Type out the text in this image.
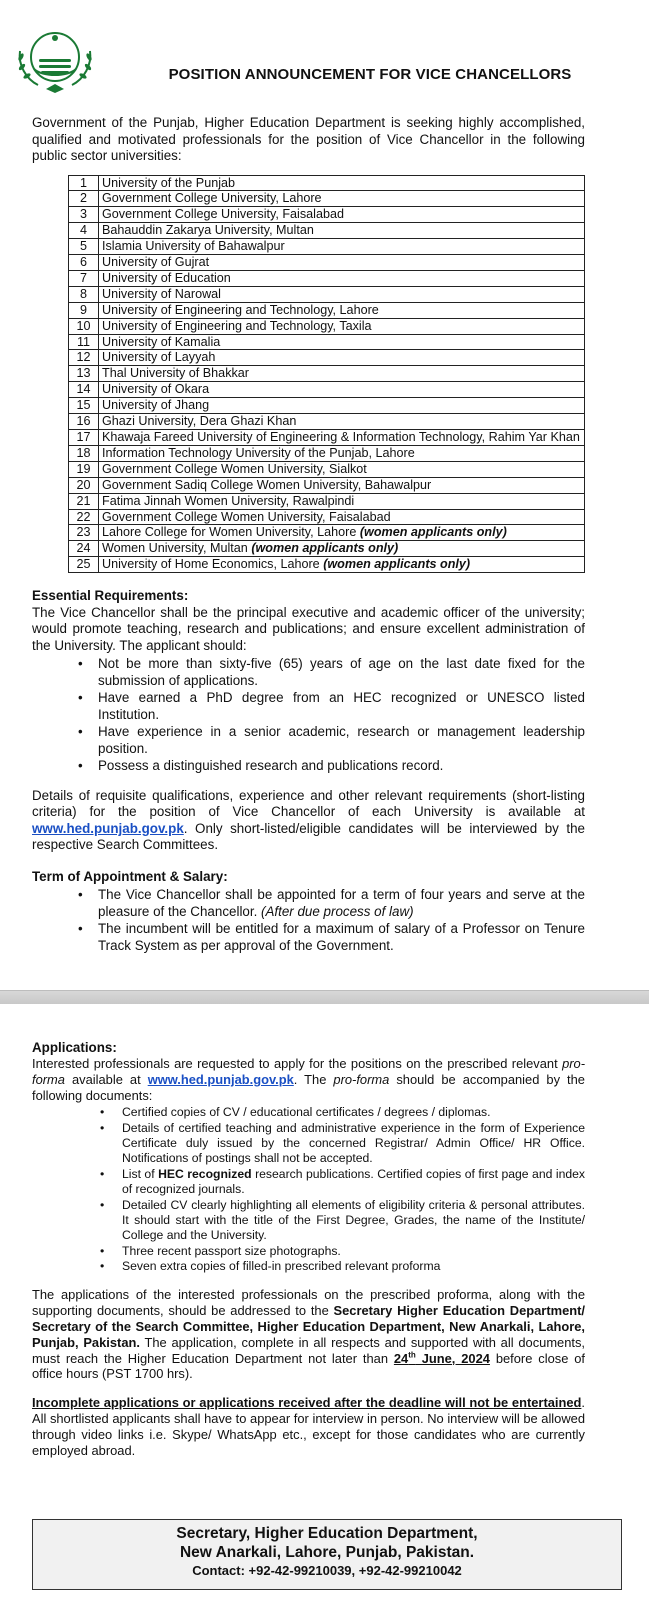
POSITION ANNOUNCEMENT FOR VICE CHANCELLORS

Government of the Punjab, Higher Education Department is seeking highly accomplished, qualified and motivated professionals for the position of Vice Chancellor in the following public sector universities:

1	University of the Punjab
2	Government College University, Lahore
3	Government College University, Faisalabad
4	Bahauddin Zakarya University, Multan
5	Islamia University of Bahawalpur
6	University of Gujrat
7	University of Education
8	University of Narowal
9	University of Engineering and Technology, Lahore
10	University of Engineering and Technology, Taxila
11	University of Kamalia
12	University of Layyah
13	Thal University of Bhakkar
14	University of Okara
15	University of Jhang
16	Ghazi University, Dera Ghazi Khan
17	Khawaja Fareed University of Engineering & Information Technology, Rahim Yar Khan
18	Information Technology University of the Punjab, Lahore
19	Government College Women University, Sialkot
20	Government Sadiq College Women University, Bahawalpur
21	Fatima Jinnah Women University, Rawalpindi
22	Government College Women University, Faisalabad
23	Lahore College for Women University, Lahore (women applicants only)
24	Women University, Multan (women applicants only)
25	University of Home Economics, Lahore (women applicants only)
Essential Requirements:

The Vice Chancellor shall be the principal executive and academic officer of the university; would promote teaching, research and publications; and ensure excellent administration of the University. The applicant should:

• Not be more than sixty-five (65) years of age on the last date fixed for the submission of applications.
• Have earned a PhD degree from an HEC recognized or UNESCO listed Institution.
• Have experience in a senior academic, research or management leadership position.
• Possess a distinguished research and publications record.

Details of requisite qualifications, experience and other relevant requirements (short-listing criteria) for the position of Vice Chancellor of each University is available at www.hed.punjab.gov.pk. Only short-listed/eligible candidates will be interviewed by the respective Search Committees.

Term of Appointment & Salary:
• The Vice Chancellor shall be appointed for a term of four years and serve at the pleasure of the Chancellor. (After due process of law)
• The incumbent will be entitled for a maximum of salary of a Professor on Tenure Track System as per approval of the Government.
Applications:

Interested professionals are requested to apply for the positions on the prescribed relevant pro-forma available at www.hed.punjab.gov.pk. The pro-forma should be accompanied by the following documents:

• Certified copies of CV / educational certificates / degrees / diplomas.
• Details of certified teaching and administrative experience in the form of Experience Certificate duly issued by the concerned Registrar/ Admin Office/ HR Office. Notifications of postings shall not be accepted.
• List of HEC recognized research publications. Certified copies of first page and index of recognized journals.
• Detailed CV clearly highlighting all elements of eligibility criteria & personal attributes. It should start with the title of the First Degree, Grades, the name of the Institute/ College and the University.
• Three recent passport size photographs.
• Seven extra copies of filled-in prescribed relevant proforma

The applications of the interested professionals on the prescribed proforma, along with the supporting documents, should be addressed to the Secretary Higher Education Department/ Secretary of the Search Committee, Higher Education Department, New Anarkali, Lahore, Punjab, Pakistan. The application, complete in all respects and supported with all documents, must reach the Higher Education Department not later than 24th June, 2024 before close of office hours (PST 1700 hrs).

Incomplete applications or applications received after the deadline will not be entertained. All shortlisted applicants shall have to appear for interview in person. No interview will be allowed through video links i.e. Skype/ WhatsApp etc., except for those candidates who are currently employed abroad.

Secretary, Higher Education Department,
New Anarkali, Lahore, Punjab, Pakistan.
Contact: +92-42-99210039, +92-42-99210042
